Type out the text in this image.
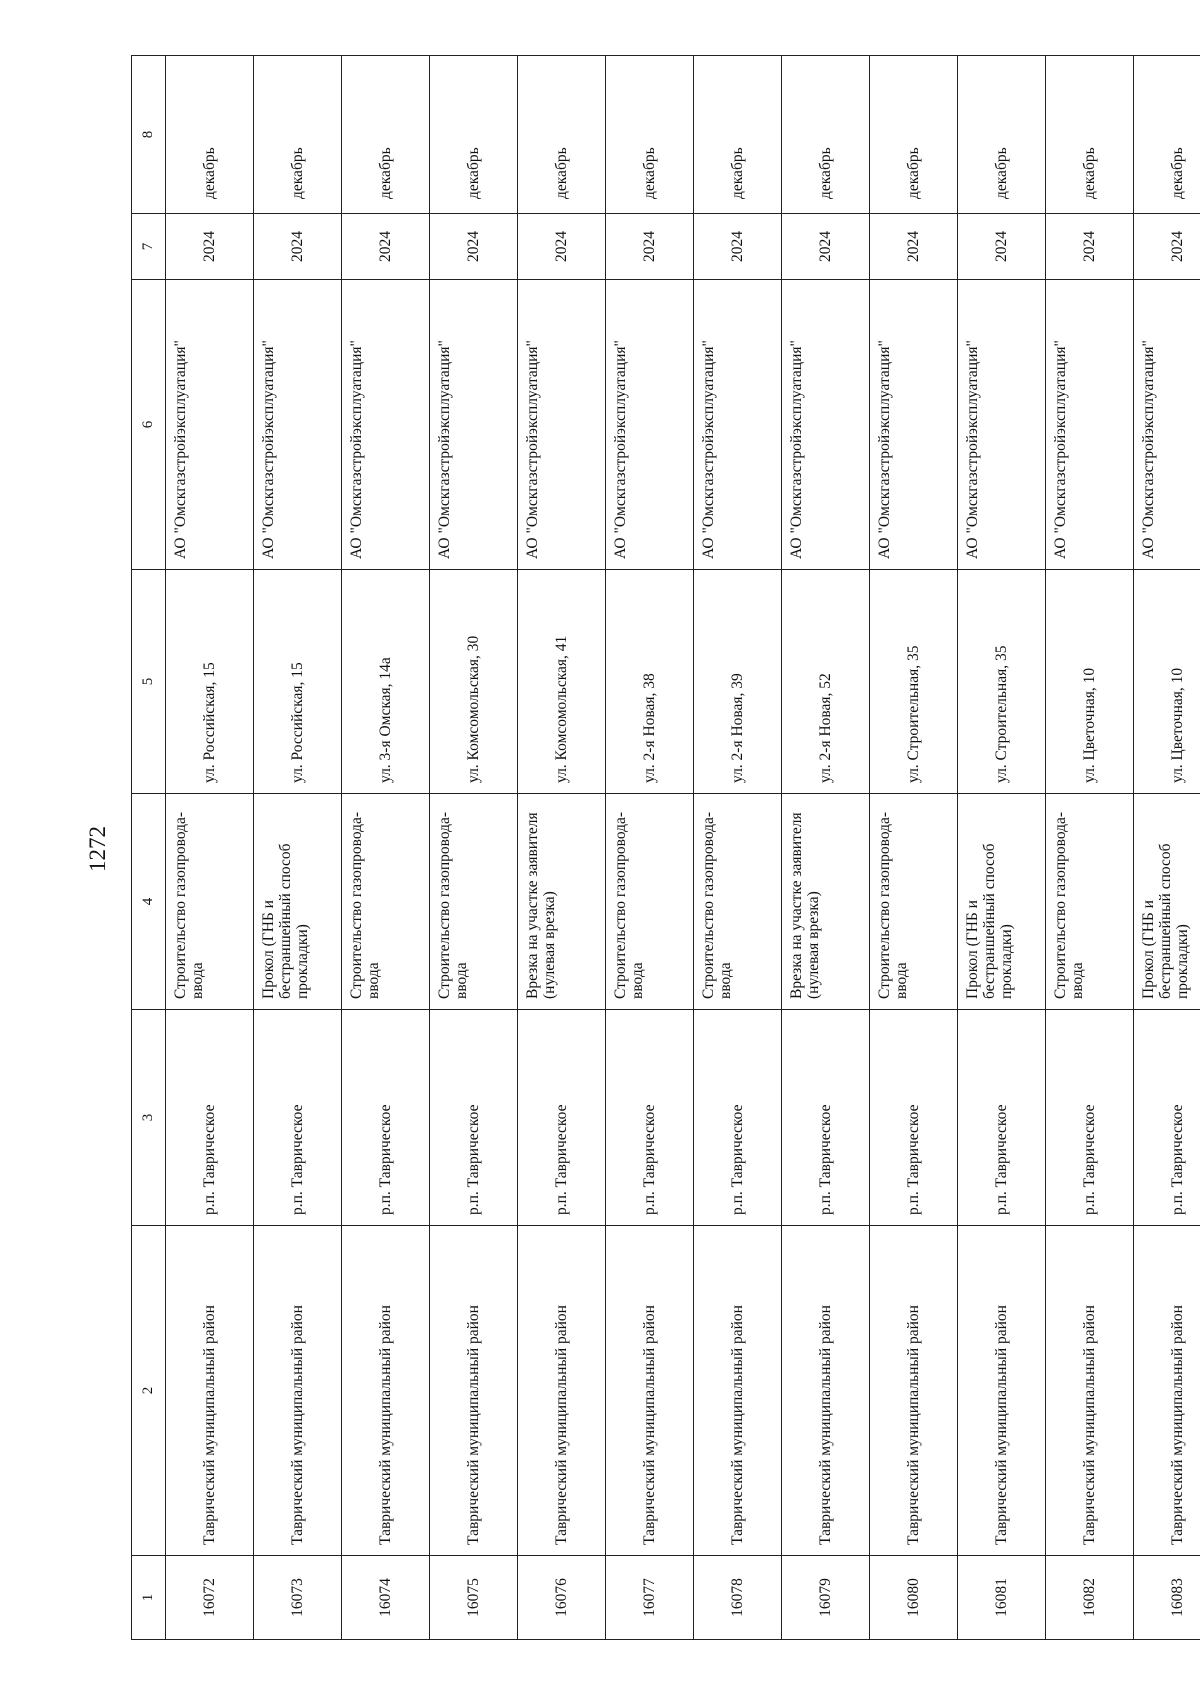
1272
1	2	3	4	5	6	7	8
16072	Таврический муниципальный район	р.п. Таврическое	Строительство газопровода-ввода	ул. Российская, 15	АО "Омскгазстройэксплуатация"	2024	декабрь
16073	Таврический муниципальный район	р.п. Таврическое	Прокол (ГНБ и бестраншейный способ прокладки)	ул. Российская, 15	АО "Омскгазстройэксплуатация"	2024	декабрь
16074	Таврический муниципальный район	р.п. Таврическое	Строительство газопровода-ввода	ул. 3-я Омская, 14а	АО "Омскгазстройэксплуатация"	2024	декабрь
16075	Таврический муниципальный район	р.п. Таврическое	Строительство газопровода-ввода	ул. Комсомольская, 30	АО "Омскгазстройэксплуатация"	2024	декабрь
16076	Таврический муниципальный район	р.п. Таврическое	Врезка на участке заявителя (нулевая врезка)	ул. Комсомольская, 41	АО "Омскгазстройэксплуатация"	2024	декабрь
16077	Таврический муниципальный район	р.п. Таврическое	Строительство газопровода-ввода	ул. 2-я Новая, 38	АО "Омскгазстройэксплуатация"	2024	декабрь
16078	Таврический муниципальный район	р.п. Таврическое	Строительство газопровода-ввода	ул. 2-я Новая, 39	АО "Омскгазстройэксплуатация"	2024	декабрь
16079	Таврический муниципальный район	р.п. Таврическое	Врезка на участке заявителя (нулевая врезка)	ул. 2-я Новая, 52	АО "Омскгазстройэксплуатация"	2024	декабрь
16080	Таврический муниципальный район	р.п. Таврическое	Строительство газопровода-ввода	ул. Строительная, 35	АО "Омскгазстройэксплуатация"	2024	декабрь
16081	Таврический муниципальный район	р.п. Таврическое	Прокол (ГНБ и бестраншейный способ прокладки)	ул. Строительная, 35	АО "Омскгазстройэксплуатация"	2024	декабрь
16082	Таврический муниципальный район	р.п. Таврическое	Строительство газопровода-ввода	ул. Цветочная, 10	АО "Омскгазстройэксплуатация"	2024	декабрь
16083	Таврический муниципальный район	р.п. Таврическое	Прокол (ГНБ и бестраншейный способ прокладки)	ул. Цветочная, 10	АО "Омскгазстройэксплуатация"	2024	декабрь
